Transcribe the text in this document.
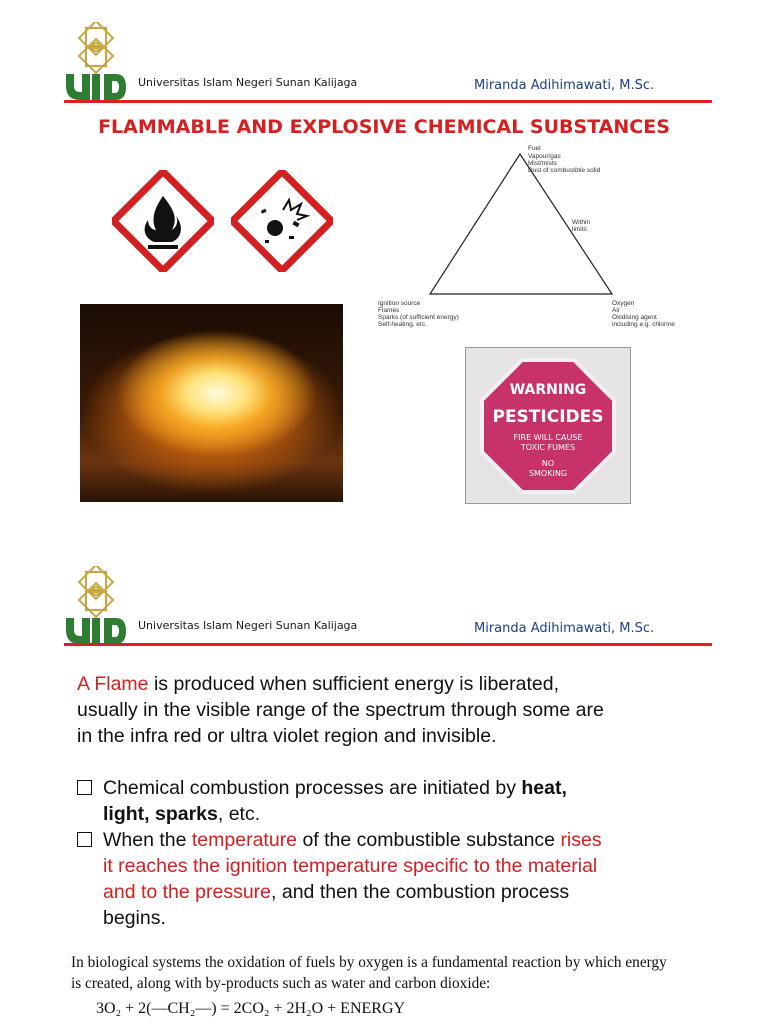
Universitas Islam Negeri Sunan Kalijaga	Miranda Adihimawati, M.Sc.
FLAMMABLE AND EXPLOSIVE CHEMICAL SUBSTANCES
Fuel
Vapour/gas
Mist/mists
Dust of combustible solid
Within
limits
Ignition source
Flames
Sparks (of sufficient energy)
Self-heating, etc.
Oxygen
Air
Oxidising agent
including e.g. chlorine
WARNING
PESTICIDES
FIRE WILL CAUSE
TOXIC FUMES
NO
SMOKING
Universitas Islam Negeri Sunan Kalijaga	Miranda Adihimawati, M.Sc.
A Flame is produced when sufficient energy is liberated,
usually in the visible range of the spectrum through some are
in the infra red or ultra violet region and invisible.
Chemical combustion processes are initiated by heat,
light, sparks, etc.
When the temperature of the combustible substance rises
it reaches the ignition temperature specific to the material
and to the pressure, and then the combustion process
begins.
In biological systems the oxidation of fuels by oxygen is a fundamental reaction by which energy
is created, along with by-products such as water and carbon dioxide:
3O₂ + 2(—CH₂—) = 2CO₂ + 2H₂O + ENERGY
